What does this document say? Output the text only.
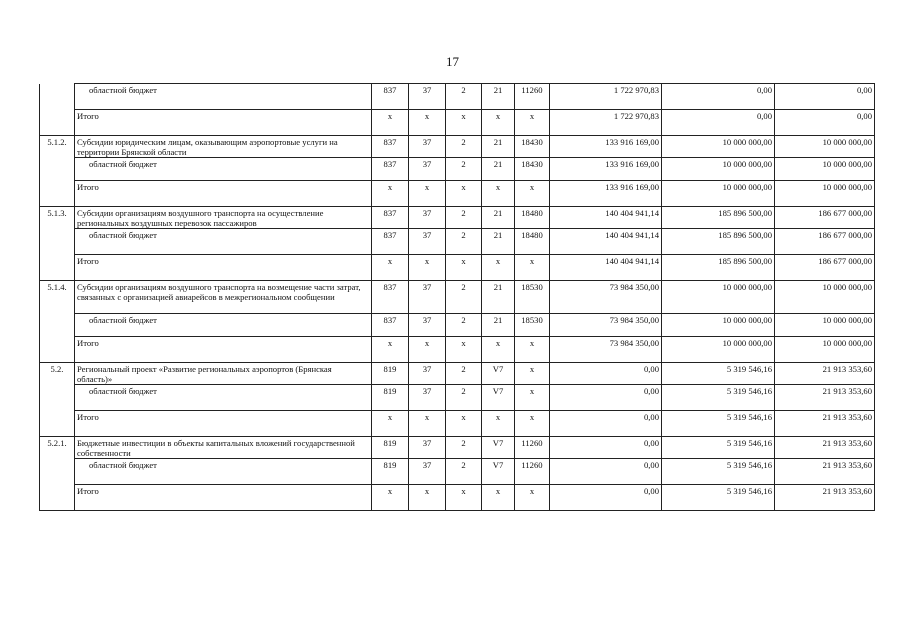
17
	областной бюджет	837	37	2	21	11260	1 722 970,83	0,00	0,00
	Итого	х	х	х	х	х	1 722 970,83	0,00	0,00
5.1.2.	Субсидии юридическим лицам, оказывающим аэропортовые услуги на территории Брянской области	837	37	2	21	18430	133 916 169,00	10 000 000,00	10 000 000,00
	областной бюджет	837	37	2	21	18430	133 916 169,00	10 000 000,00	10 000 000,00
	Итого	х	х	х	х	х	133 916 169,00	10 000 000,00	10 000 000,00
5.1.3.	Субсидии организациям воздушного транспорта на осуществление региональных воздушных перевозок пассажиров	837	37	2	21	18480	140 404 941,14	185 896 500,00	186 677 000,00
	областной бюджет	837	37	2	21	18480	140 404 941,14	185 896 500,00	186 677 000,00
	Итого	х	х	х	х	х	140 404 941,14	185 896 500,00	186 677 000,00
5.1.4.	Субсидии организациям воздушного транспорта на возмещение части затрат, связанных с организацией авиарейсов в межрегиональном сообщении	837	37	2	21	18530	73 984 350,00	10 000 000,00	10 000 000,00
	областной бюджет	837	37	2	21	18530	73 984 350,00	10 000 000,00	10 000 000,00
	Итого	х	х	х	х	х	73 984 350,00	10 000 000,00	10 000 000,00
5.2.	Региональный проект «Развитие региональных аэропортов (Брянская область)»	819	37	2	V7	х	0,00	5 319 546,16	21 913 353,60
	областной бюджет	819	37	2	V7	х	0,00	5 319 546,16	21 913 353,60
	Итого	х	х	х	х	х	0,00	5 319 546,16	21 913 353,60
5.2.1.	Бюджетные инвестиции в объекты капитальных вложений государственной собственности	819	37	2	V7	11260	0,00	5 319 546,16	21 913 353,60
	областной бюджет	819	37	2	V7	11260	0,00	5 319 546,16	21 913 353,60
	Итого	х	х	х	х	х	0,00	5 319 546,16	21 913 353,60
